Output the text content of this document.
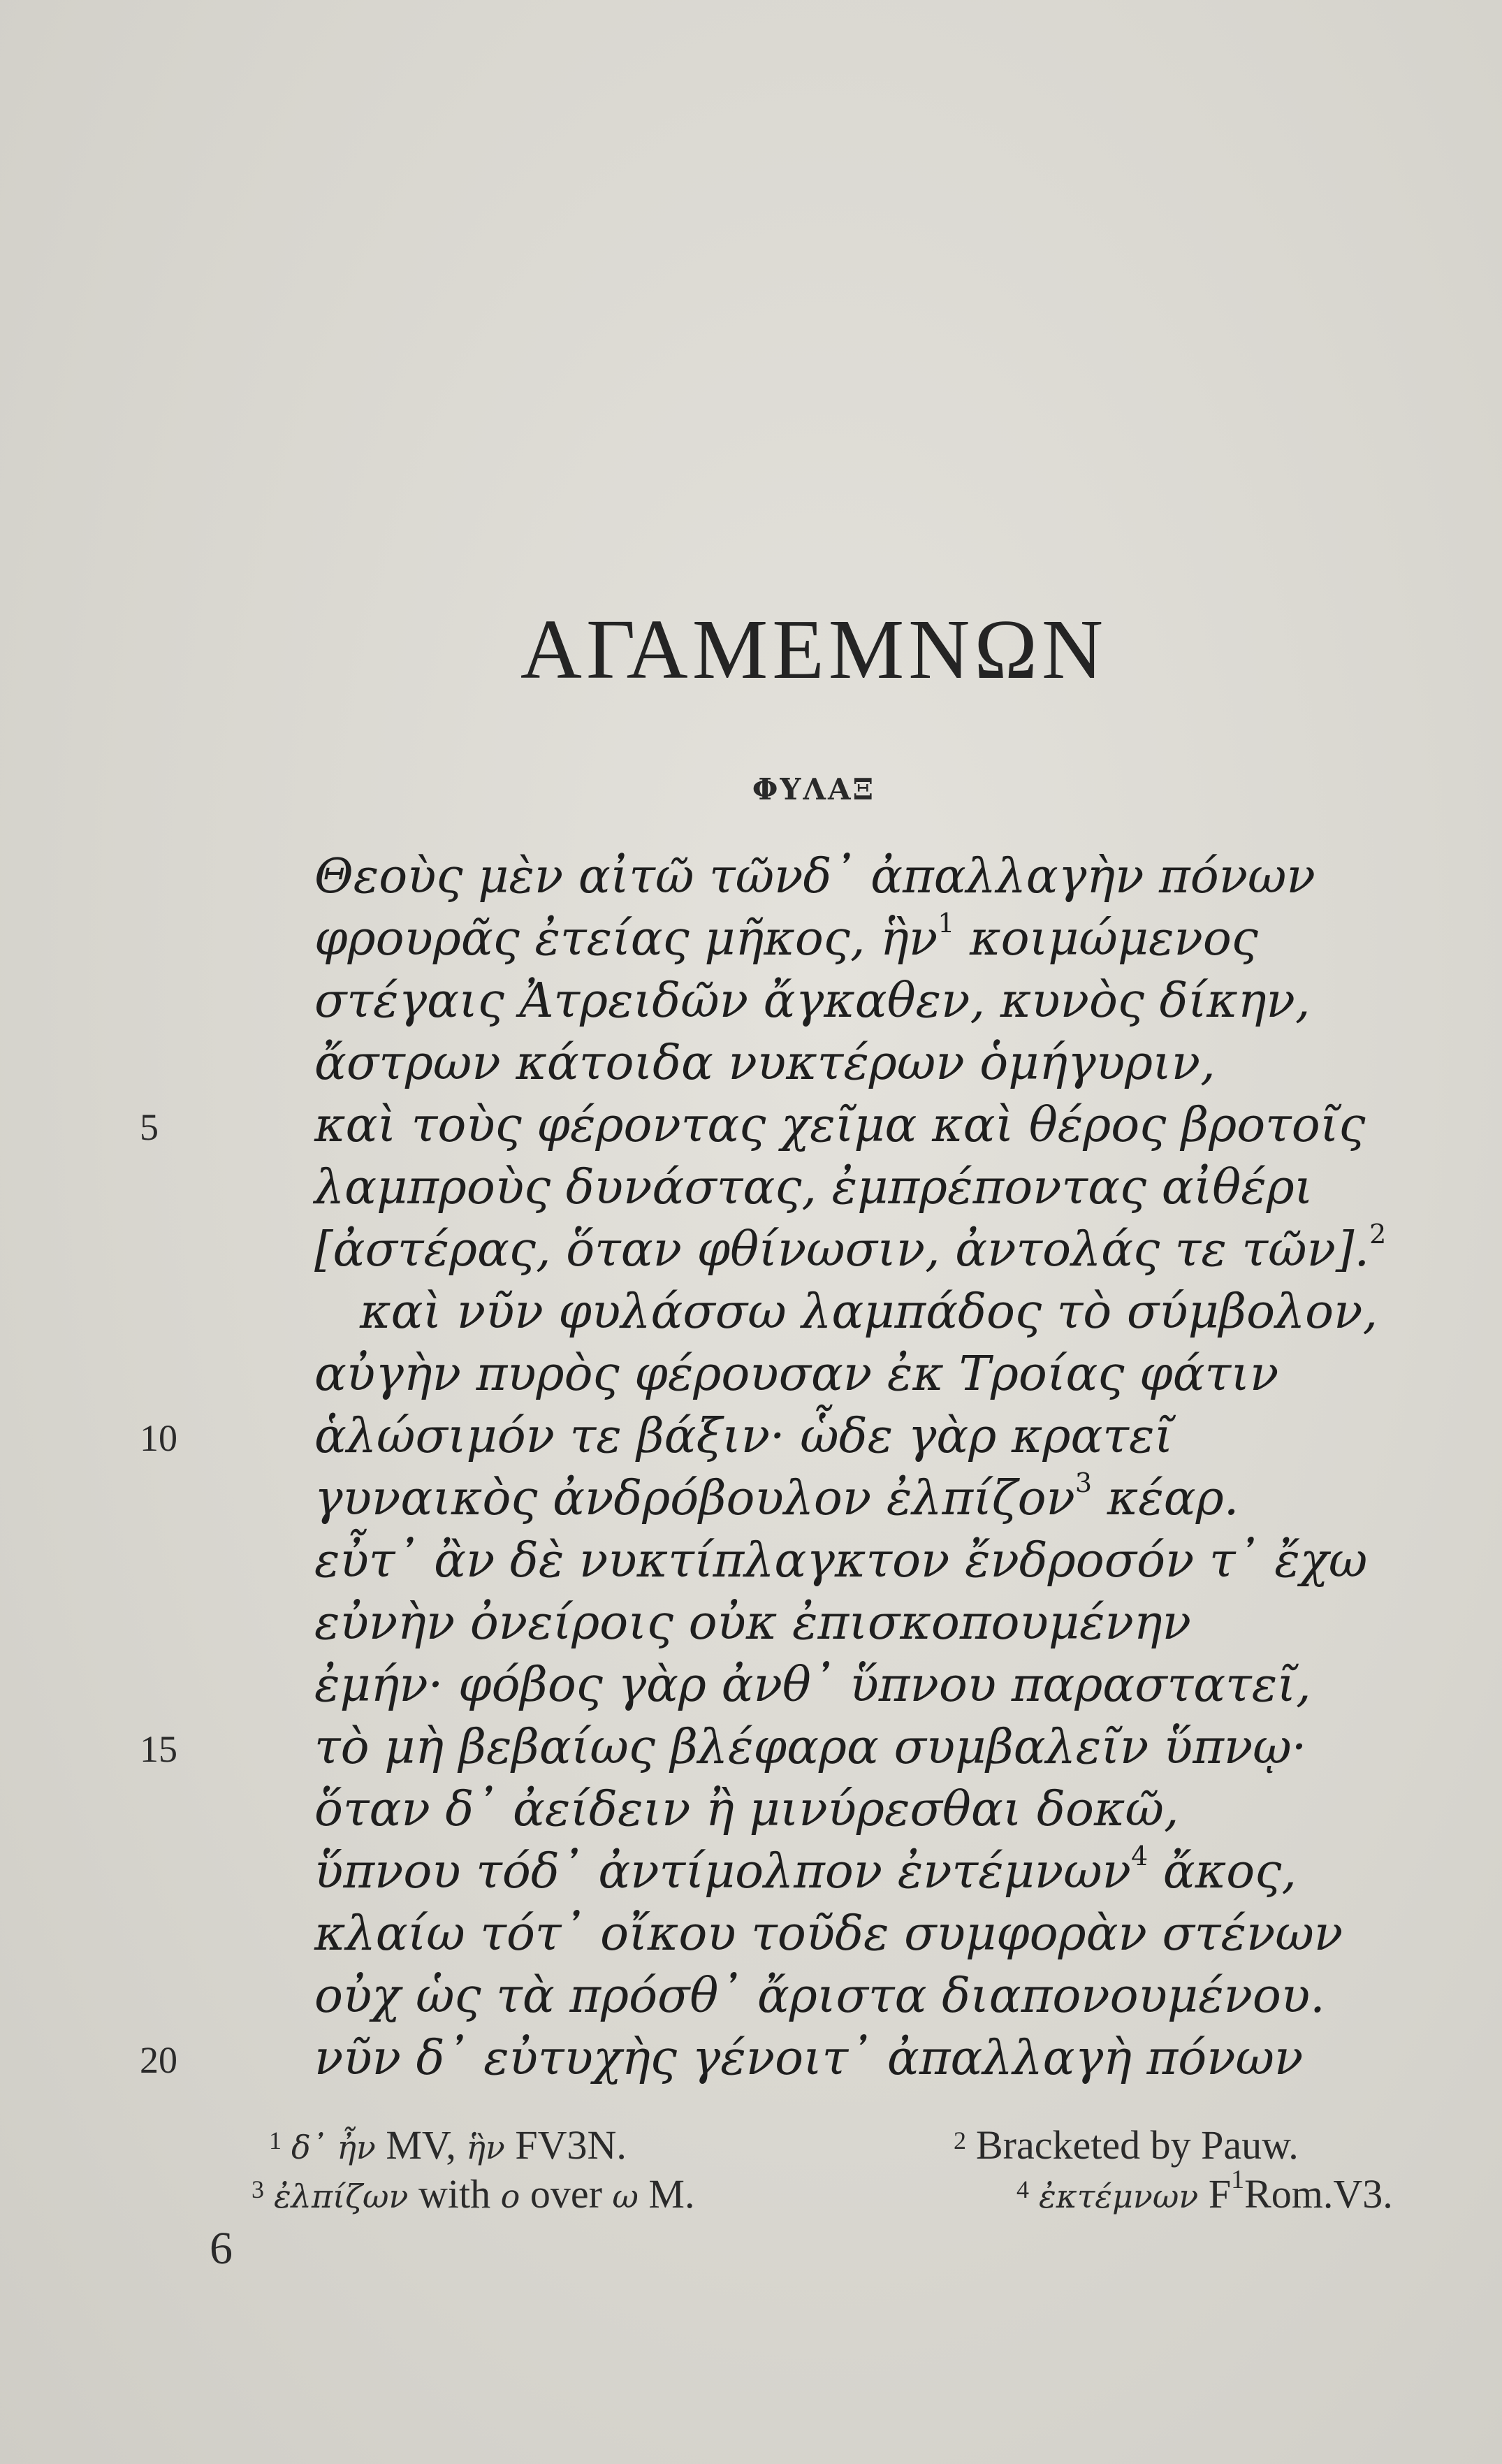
ΑΓΑΜΕΜΝΩΝ
ΦΥΛΑΞ
Θεοὺς μὲν αἰτῶ τῶνδ᾽ ἀπαλλαγὴν πόνων
φρουρᾶς ἐτείας μῆκος, ἣν$^1$ κοιμώμενος
στέγαις Ἀτρειδῶν ἄγκαθεν, κυνὸς δίκην,
ἄστρων κάτοιδα νυκτέρων ὁμήγυριν,
5	καὶ τοὺς φέροντας χεῖμα καὶ θέρος βροτοῖς
λαμπροὺς δυνάστας, ἐμπρέποντας αἰθέρι
[ἀστέρας, ὅταν φθίνωσιν, ἀντολάς τε τῶν].$^2$
καὶ νῦν φυλάσσω λαμπάδος τὸ σύμβολον,
αὐγὴν πυρὸς φέρουσαν ἐκ Τροίας φάτιν
10	ἁλώσιμόν τε βάξιν· ὧδε γὰρ κρατεῖ
γυναικὸς ἀνδρόβουλον ἐλπίζον$^3$ κέαρ.
εὖτ᾽ ἂν δὲ νυκτίπλαγκτον ἔνδροσόν τ᾽ ἔχω
εὐνὴν ὀνείροις οὐκ ἐπισκοπουμένην
ἐμήν· φόβος γὰρ ἀνθ᾽ ὕπνου παραστατεῖ,
15	τὸ μὴ βεβαίως βλέφαρα συμβαλεῖν ὕπνῳ·
ὅταν δ᾽ ἀείδειν ἢ μινύρεσθαι δοκῶ,
ὕπνου τόδ᾽ ἀντίμολπον ἐντέμνων$^4$ ἄκος,
κλαίω τότ᾽ οἴκου τοῦδε συμφορὰν στένων
οὐχ ὡς τὰ πρόσθ᾽ ἄριστα διαπονουμένου.
20	νῦν δ᾽ εὐτυχὴς γένοιτ᾽ ἀπαλλαγὴ πόνων
$^1$ δ᾽ ἦν MV, ἣν FV3N.	$^2$ Bracketed by Pauw.
$^3$ ἐλπίζων with ο over ω M.	$^4$ ἐκτέμνων $F^1Rom.V3$.
6
